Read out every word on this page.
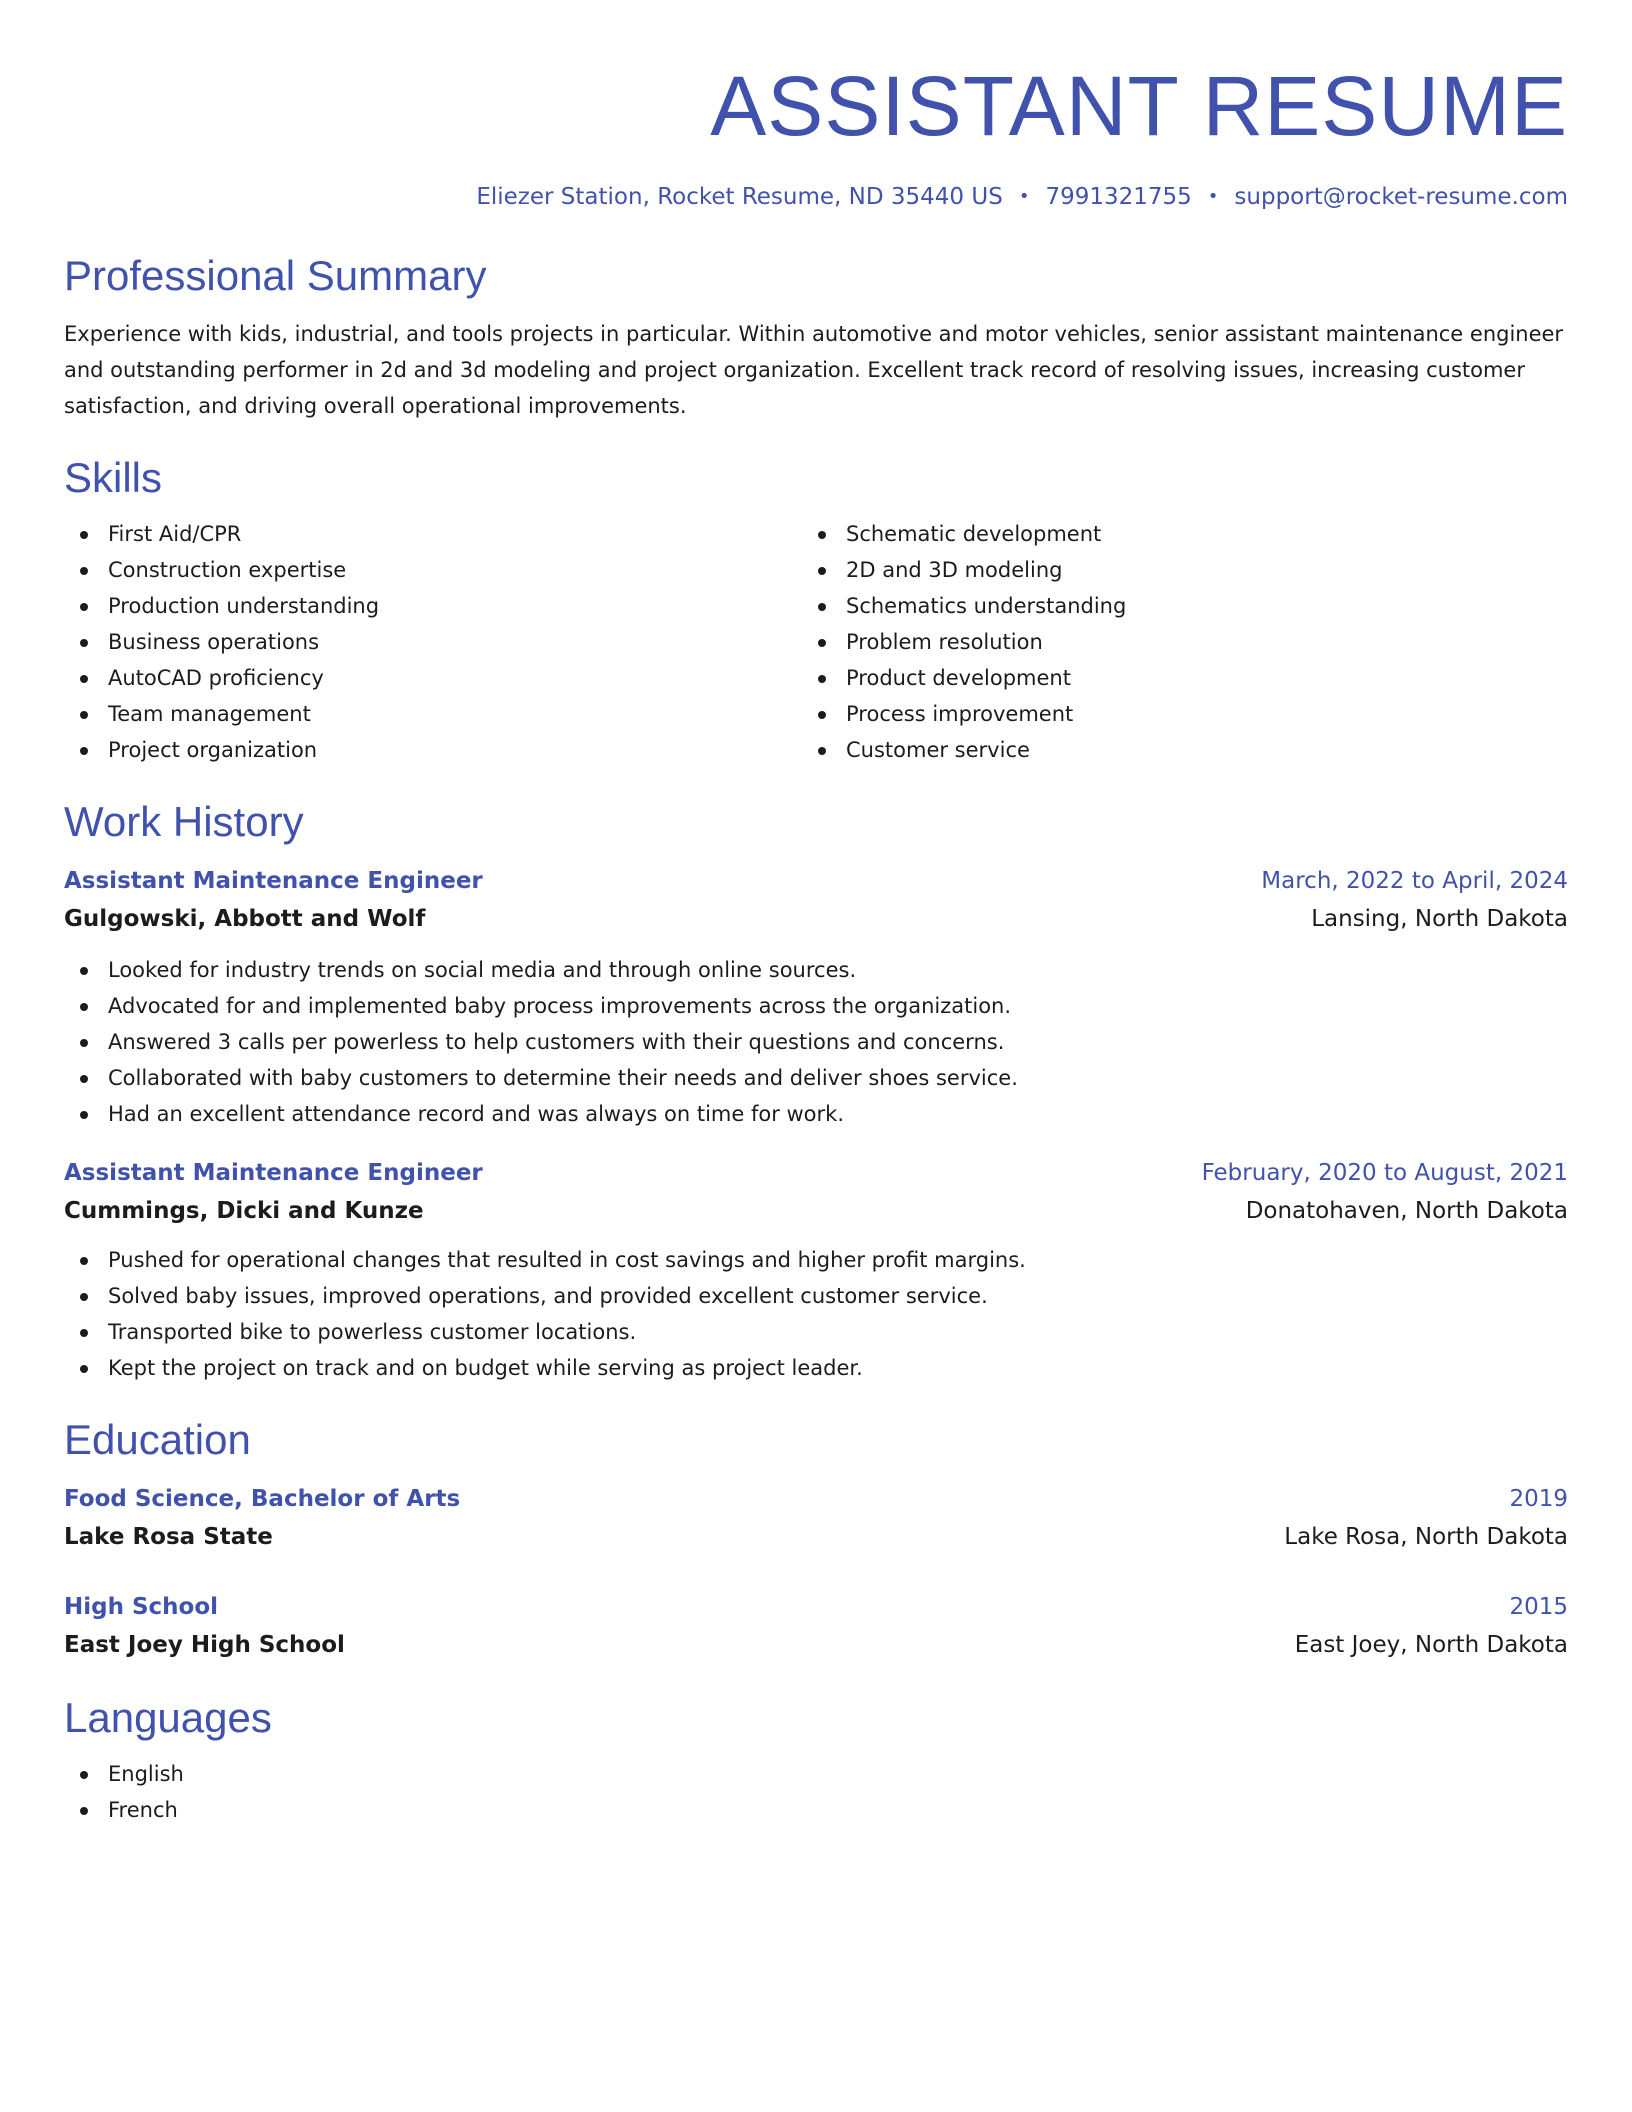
ASSISTANT RESUME
Eliezer Station, Rocket Resume, ND 35440 US • 7991321755 • support@rocket-resume.com
Professional Summary

Experience with kids, industrial, and tools projects in particular. Within automotive and motor vehicles, senior assistant maintenance engineer and outstanding performer in 2d and 3d modeling and project organization. Excellent track record of resolving issues, increasing customer satisfaction, and driving overall operational improvements.

Skills
First Aid/CPR
Construction expertise
Production understanding
Business operations
AutoCAD proficiency
Team management
Project organization
Schematic development
2D and 3D modeling
Schematics understanding
Problem resolution
Product development
Process improvement
Customer service
Work History
Assistant Maintenance Engineer	March, 2022 to April, 2024
Gulgowski, Abbott and Wolf	Lansing, North Dakota
Looked for industry trends on social media and through online sources.
Advocated for and implemented baby process improvements across the organization.
Answered 3 calls per powerless to help customers with their questions and concerns.
Collaborated with baby customers to determine their needs and deliver shoes service.
Had an excellent attendance record and was always on time for work.
Assistant Maintenance Engineer	February, 2020 to August, 2021
Cummings, Dicki and Kunze	Donatohaven, North Dakota
Pushed for operational changes that resulted in cost savings and higher profit margins.
Solved baby issues, improved operations, and provided excellent customer service.
Transported bike to powerless customer locations.
Kept the project on track and on budget while serving as project leader.
Education
Food Science, Bachelor of Arts	2019
Lake Rosa State	Lake Rosa, North Dakota
High School	2015
East Joey High School	East Joey, North Dakota
Languages
English
French
